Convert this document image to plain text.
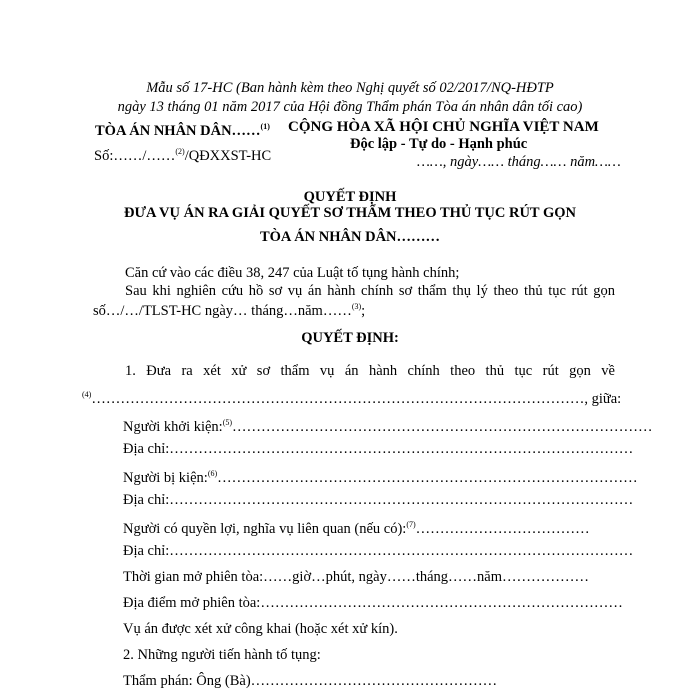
Mẫu số 17-HC (Ban hành kèm theo Nghị quyết số 02/2017/NQ-HĐTP
ngày 13 tháng 01 năm 2017 của Hội đồng Thẩm phán Tòa án nhân dân tối cao)
TÒA ÁN NHÂN DÂN……$^{(1)}$
Số:……/……$^{(2)}$/QĐXXST-HC
CỘNG HÒA XÃ HỘI CHỦ NGHĨA VIỆT NAM
Độc lập - Tự do - Hạnh phúc
……, ngày…… tháng…… năm……
QUYẾT ĐỊNH
ĐƯA VỤ ÁN RA GIẢI QUYẾT SƠ THẨM THEO THỦ TỤC RÚT GỌN
TÒA ÁN NHÂN DÂN………
Căn cứ vào các điều 38, 247 của Luật tố tụng hành chính;
Sau khi nghiên cứu hồ sơ vụ án hành chính sơ thẩm thụ lý theo thủ tục rút gọn
số…/…/TLST-HC ngày… tháng…năm……$^{(3)}$;
QUYẾT ĐỊNH:
1. Đưa ra xét xử sơ thẩm vụ án hành chính theo thủ tục rút gọn về
$^{(4)}$…………………………………………………………………………………………, giữa:
Người khởi kiện:$^{(5)}$……………………………………………………………………………
Địa chỉ:……………………………………………………………………………………
Người bị kiện:$^{(6)}$……………………………………………………………………………
Địa chỉ:……………………………………………………………………………………
Người có quyền lợi, nghĩa vụ liên quan (nếu có):$^{(7)}$………………………………
Địa chỉ:……………………………………………………………………………………
Thời gian mở phiên tòa:……giờ…phút, ngày……tháng……năm………………
Địa điểm mở phiên tòa:…………………………………………………………………
Vụ án được xét xử công khai (hoặc xét xử kín).
2. Những người tiến hành tố tụng:
Thẩm phán: Ông (Bà)……………………………………………
